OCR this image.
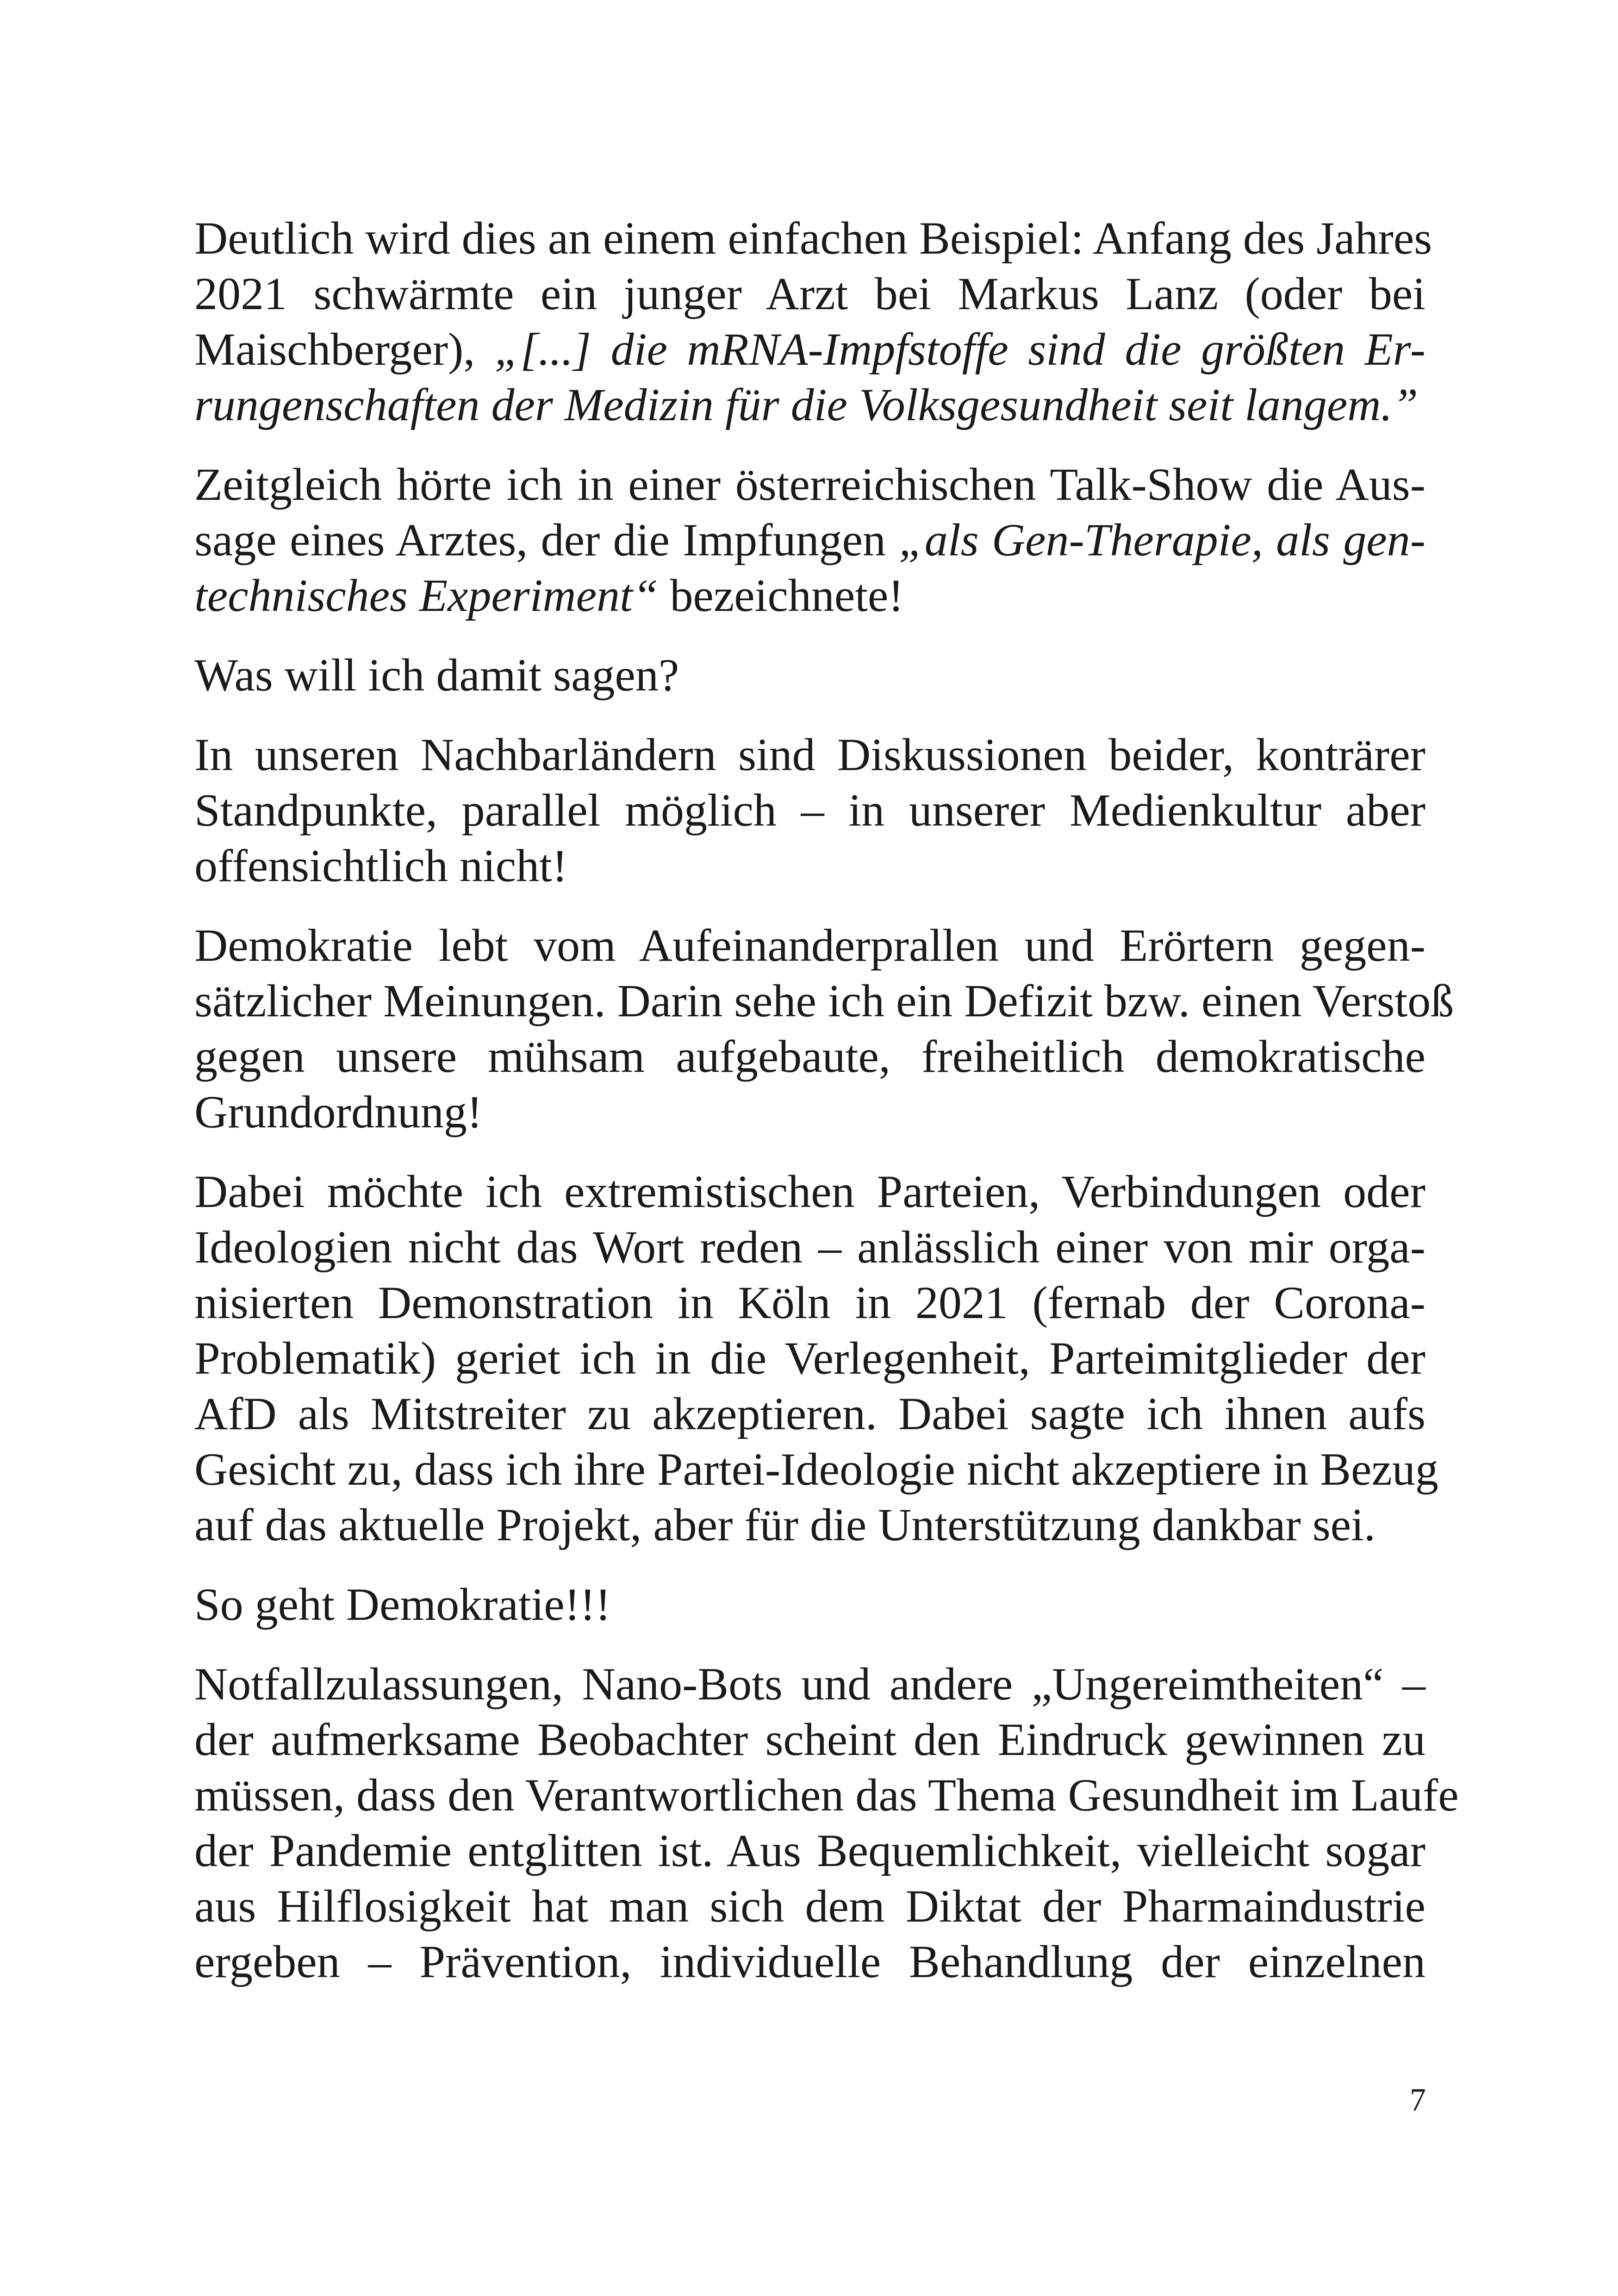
Deutlich wird dies an einem einfachen Beispiel: Anfang des Jahres
2021 schwärmte ein junger Arzt bei Markus Lanz (oder bei
Maischberger), „[...] die mRNA-Impfstoffe sind die größten Er-
rungenschaften der Medizin für die Volksgesundheit seit langem.”

Zeitgleich hörte ich in einer österreichischen Talk-Show die Aus-
sage eines Arztes, der die Impfungen „als Gen-Therapie, als gen-
technisches Experiment“ bezeichnete!

Was will ich damit sagen?

In unseren Nachbarländern sind Diskussionen beider, konträrer
Standpunkte, parallel möglich – in unserer Medienkultur aber
offensichtlich nicht!

Demokratie lebt vom Aufeinanderprallen und Erörtern gegen-
sätzlicher Meinungen. Darin sehe ich ein Defizit bzw. einen Verstoß
gegen unsere mühsam aufgebaute, freiheitlich demokratische
Grundordnung!

Dabei möchte ich extremistischen Parteien, Verbindungen oder
Ideologien nicht das Wort reden – anlässlich einer von mir orga-
nisierten Demonstration in Köln in 2021 (fernab der Corona-
Problematik) geriet ich in die Verlegenheit, Parteimitglieder der
AfD als Mitstreiter zu akzeptieren. Dabei sagte ich ihnen aufs
Gesicht zu, dass ich ihre Partei-Ideologie nicht akzeptiere in Bezug
auf das aktuelle Projekt, aber für die Unterstützung dankbar sei.

So geht Demokratie!!!

Notfallzulassungen, Nano-Bots und andere „Ungereimtheiten“ –
der aufmerksame Beobachter scheint den Eindruck gewinnen zu
müssen, dass den Verantwortlichen das Thema Gesundheit im Laufe
der Pandemie entglitten ist. Aus Bequemlichkeit, vielleicht sogar
aus Hilflosigkeit hat man sich dem Diktat der Pharmaindustrie
ergeben – Prävention, individuelle Behandlung der einzelnen

7
